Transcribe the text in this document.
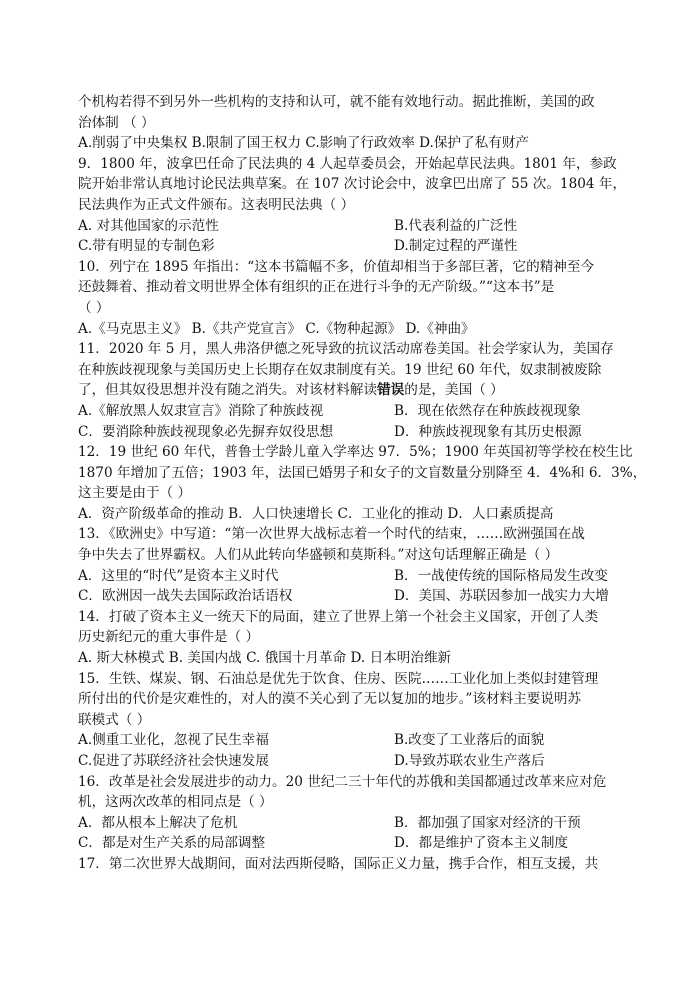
个机构若得不到另外一些机构的支持和认可，就不能有效地行动。据此推断，美国的政
治体制 （ ）
A.削弱了中央集权 B.限制了国王权力 C.影响了行政效率 D.保护了私有财产
9．1800 年，波拿巴任命了民法典的 4 人起草委员会，开始起草民法典。1801 年，参政
院开始非常认真地讨论民法典草案。在 107 次讨论会中，波拿巴出席了 55 次。1804 年，
民法典作为正式文件颁布。这表明民法典（ ）
A. 对其他国家的示范性	B.代表利益的广泛性
C.带有明显的专制色彩	D.制定过程的严谨性
10．列宁在 1895 年指出：“这本书篇幅不多，价值却相当于多部巨著，它的精神至今
还鼓舞着、推动着文明世界全体有组织的正在进行斗争的无产阶级。”“这本书”是
（ ）
A.《马克思主义》 B.《共产党宣言》 C.《物种起源》 D.《神曲》
11．2020 年 5 月，黑人弗洛伊德之死导致的抗议活动席卷美国。社会学家认为，美国存
在种族歧视现象与美国历史上长期存在奴隶制度有关。19 世纪 60 年代，奴隶制被废除
了，但其奴役思想并没有随之消失。对该材料解读错误的是，美国（ ）
A.《解放黑人奴隶宣言》消除了种族歧视	B．现在依然存在种族歧视现象
C．要消除种族歧视现象必先摒弃奴役思想	D．种族歧视现象有其历史根源
12．19 世纪 60 年代，普鲁士学龄儿童入学率达 97．5%；1900 年英国初等学校在校生比
1870 年增加了五倍；1903 年，法国已婚男子和女子的文盲数量分别降至 4．4%和 6．3%，
这主要是由于（ ）
A．资产阶级革命的推动 B．人口快速增长 C．工业化的推动 D．人口素质提高
13．《欧洲史》中写道：“第一次世界大战标志着一个时代的结束，……欧洲强国在战
争中失去了世界霸权。人们从此转向华盛顿和莫斯科。”对这句话理解正确是（ ）
A．这里的“时代”是资本主义时代	B．一战使传统的国际格局发生改变
C．欧洲因一战失去国际政治话语权	D．美国、苏联因参加一战实力大增
14．打破了资本主义一统天下的局面，建立了世界上第一个社会主义国家，开创了人类
历史新纪元的重大事件是（ ）
A. 斯大林模式 B. 美国内战 C. 俄国十月革命 D. 日本明治维新
15．生铁、煤炭、钢、石油总是优先于饮食、住房、医院……工业化加上类似封建管理
所付出的代价是灾难性的，对人的漠不关心到了无以复加的地步。”该材料主要说明苏
联模式（ ）
A.侧重工业化，忽视了民生幸福	B.改变了工业落后的面貌
C.促进了苏联经济社会快速发展	D.导致苏联农业生产落后
16．改革是社会发展进步的动力。20 世纪二三十年代的苏俄和美国都通过改革来应对危
机，这两次改革的相同点是（ ）
A．都从根本上解决了危机	B．都加强了国家对经济的干预
C．都是对生产关系的局部调整	D．都是维护了资本主义制度
17．第二次世界大战期间，面对法西斯侵略，国际正义力量，携手合作，相互支援，共
